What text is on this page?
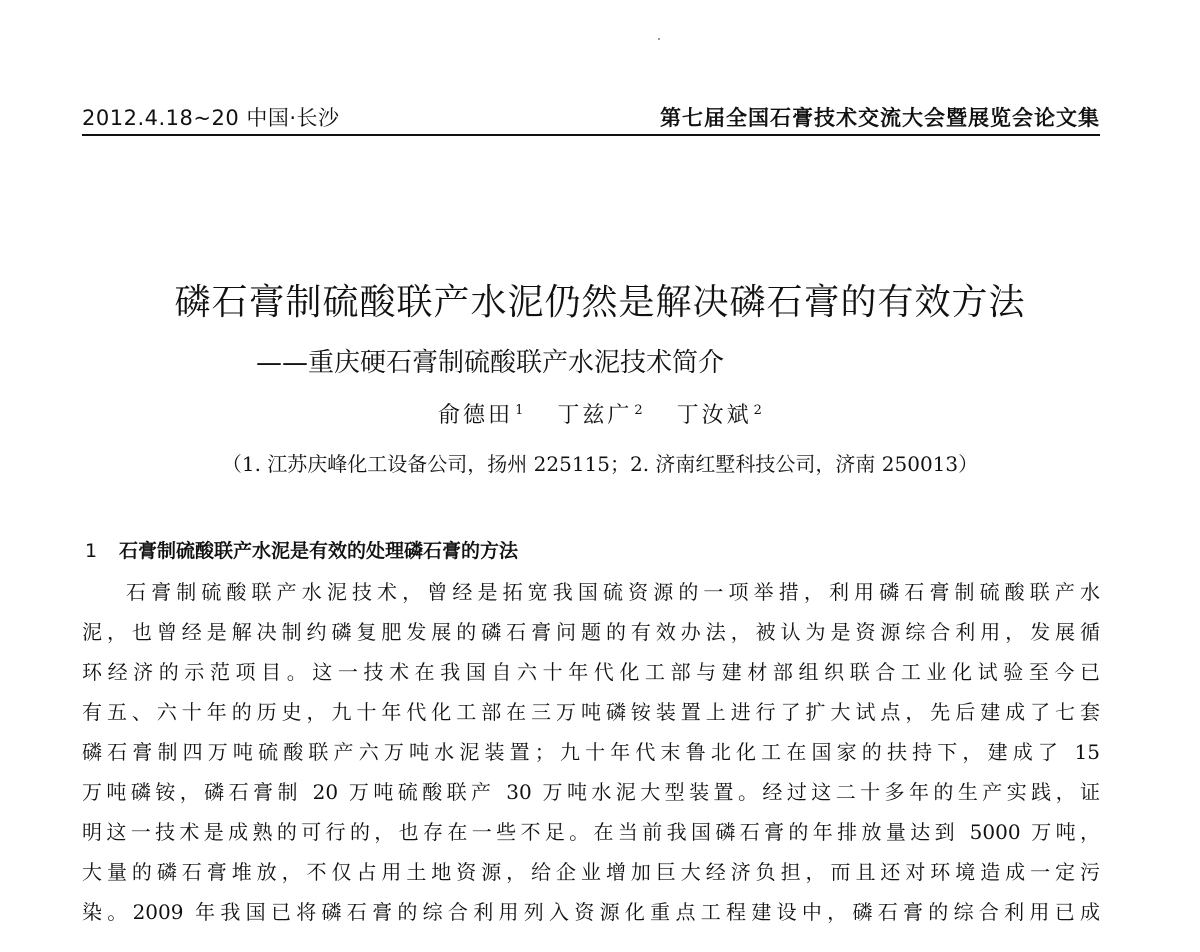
2012.4.18~20 中国·长沙	第七届全国石膏技术交流大会暨展览会论文集
磷石膏制硫酸联产水泥仍然是解决磷石膏的有效方法
——重庆硬石膏制硫酸联产水泥技术简介
俞德田 $^1$ 丁兹广 $^2$ 丁汝斌 $^2$
（1. 江苏庆峰化工设备公司，扬州 225115；2. 济南红墅科技公司，济南 250013）
1 石膏制硫酸联产水泥是有效的处理磷石膏的方法
石膏制硫酸联产水泥技术，曾经是拓宽我国硫资源的一项举措，利用磷石膏制硫酸联产水
泥，也曾经是解决制约磷复肥发展的磷石膏问题的有效办法，被认为是资源综合利用，发展循
环经济的示范项目。这一技术在我国自六十年代化工部与建材部组织联合工业化试验至今已
有五、六十年的历史，九十年代化工部在三万吨磷铵装置上进行了扩大试点，先后建成了七套
磷石膏制四万吨硫酸联产六万吨水泥装置；九十年代末鲁北化工在国家的扶持下，建成了 15
万吨磷铵，磷石膏制 20 万吨硫酸联产 30 万吨水泥大型装置。经过这二十多年的生产实践，证
明这一技术是成熟的可行的，也存在一些不足。在当前我国磷石膏的年排放量达到 5000 万吨，
大量的磷石膏堆放，不仅占用土地资源，给企业增加巨大经济负担，而且还对环境造成一定污
染。2009 年我国已将磷石膏的综合利用列入资源化重点工程建设中，磷石膏的综合利用已成
